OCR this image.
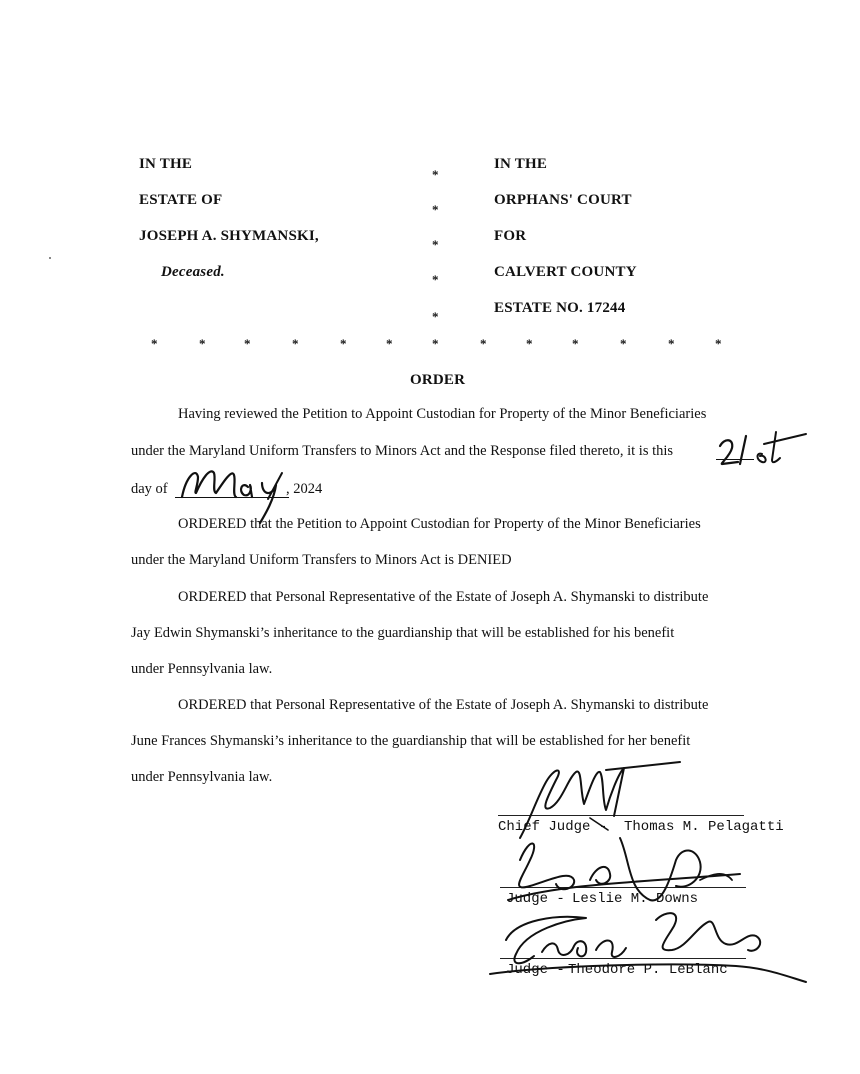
IN THE
ESTATE OF
JOSEPH A. SHYMANSKI,
Deceased.
*
*
*
*
*
IN THE
ORPHANS' COURT
FOR
CALVERT COUNTY
ESTATE NO. 17244
*	*	*	*	*	*	*	*	*	*	*	*	*
ORDER
Having reviewed the Petition to Appoint Custodian for Property of the Minor Beneficiaries
under the Maryland Uniform Transfers to Minors Act and the Response filed thereto, it is this
day of	, 2024
ORDERED that the Petition to Appoint Custodian for Property of the Minor Beneficiaries
under the Maryland Uniform Transfers to Minors Act is DENIED
ORDERED that Personal Representative of the Estate of Joseph A. Shymanski to distribute
Jay Edwin Shymanski’s inheritance to the guardianship that will be established for his benefit
under Pennsylvania law.
ORDERED that Personal Representative of the Estate of Joseph A. Shymanski to distribute
June Frances Shymanski’s inheritance to the guardianship that will be established for her benefit
under Pennsylvania law.
Chief Judge - Thomas M. Pelagatti
Judge - Leslie M. Downs
Judge - Theodore P. LeBlanc
